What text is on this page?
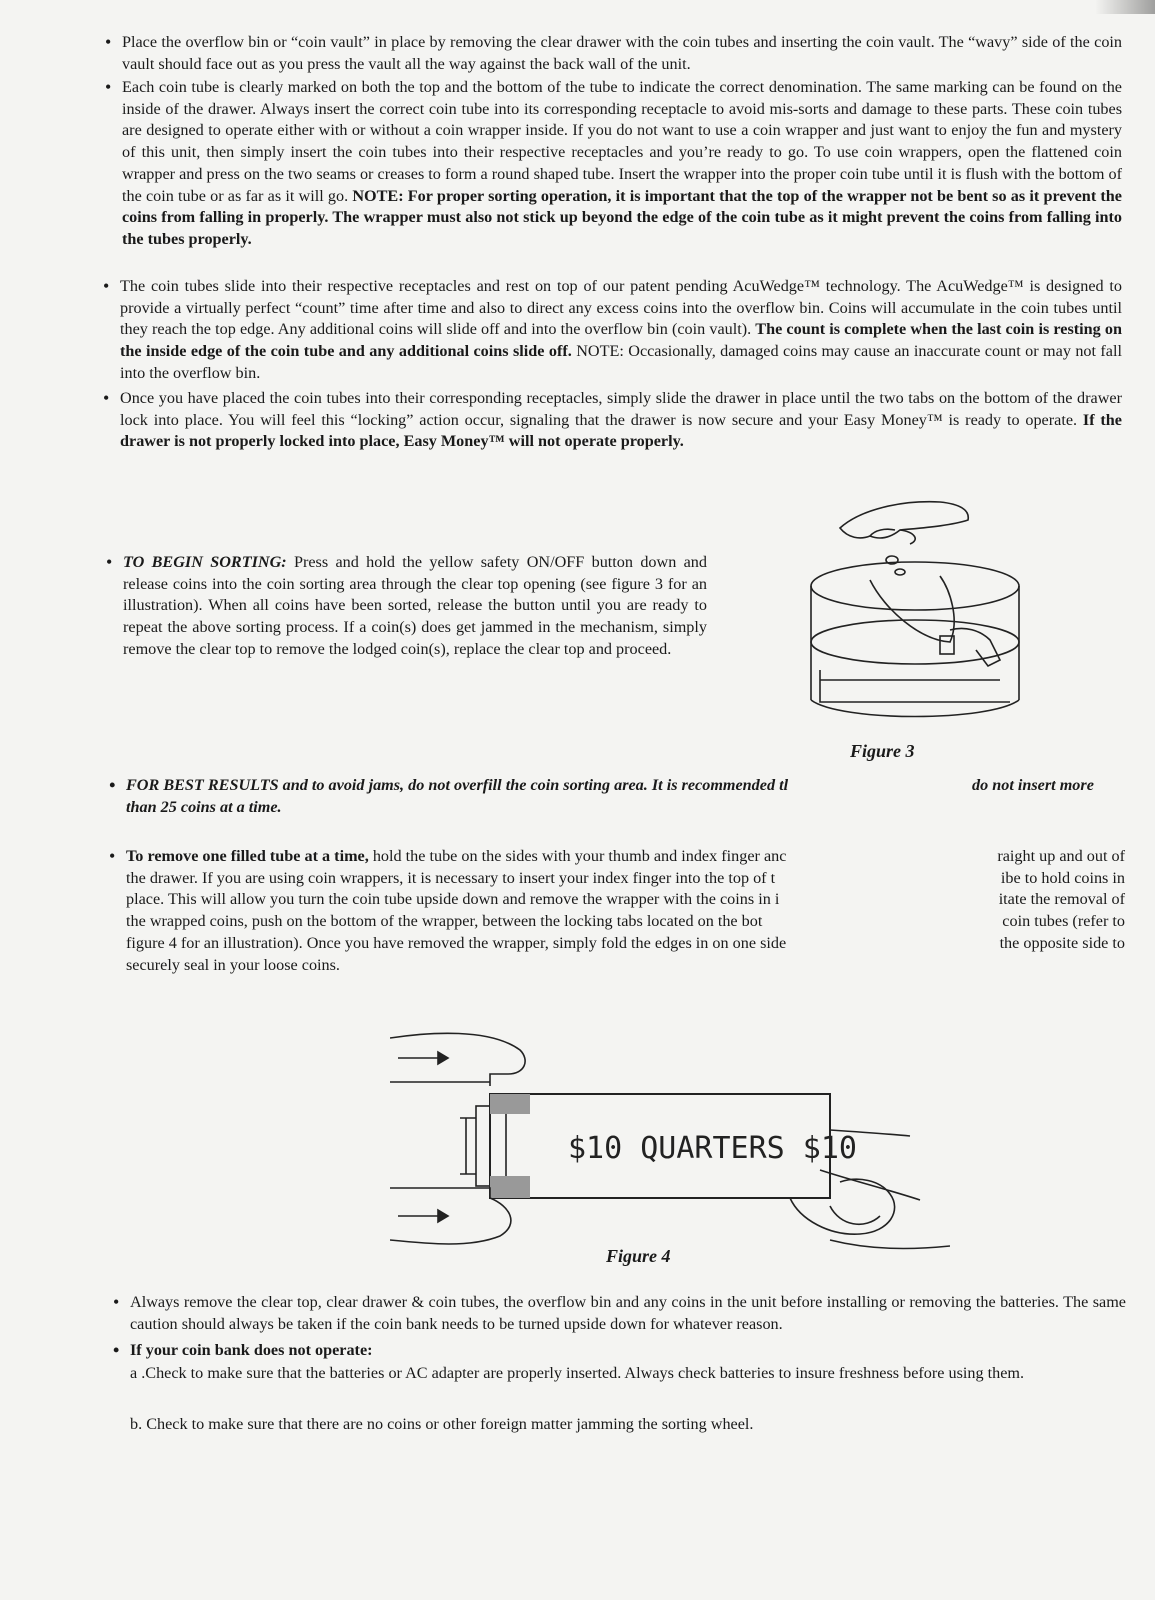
• Place the overflow bin or “coin vault” in place by removing the clear drawer with the coin tubes and inserting the coin vault. The “wavy” side of the coin vault should face out as you press the vault all the way against the back wall of the unit.
• Each coin tube is clearly marked on both the top and the bottom of the tube to indicate the correct denomination. The same marking can be found on the inside of the drawer. Always insert the correct coin tube into its corresponding receptacle to avoid mis-sorts and damage to these parts. These coin tubes are designed to operate either with or without a coin wrapper inside. If you do not want to use a coin wrapper and just want to enjoy the fun and mystery of this unit, then simply insert the coin tubes into their respective receptacles and you’re ready to go. To use coin wrappers, open the flattened coin wrapper and press on the two seams or creases to form a round shaped tube. Insert the wrapper into the proper coin tube until it is flush with the bottom of the coin tube or as far as it will go. NOTE: For proper sorting operation, it is important that the top of the wrapper not be bent so as it prevent the coins from falling in properly. The wrapper must also not stick up beyond the edge of the coin tube as it might prevent the coins from falling into the tubes properly.
• The coin tubes slide into their respective receptacles and rest on top of our patent pending AcuWedge™ technology. The AcuWedge™ is designed to provide a virtually perfect “count” time after time and also to direct any excess coins into the overflow bin. Coins will accumulate in the coin tubes until they reach the top edge. Any additional coins will slide off and into the overflow bin (coin vault). The count is complete when the last coin is resting on the inside edge of the coin tube and any additional coins slide off. NOTE: Occasionally, damaged coins may cause an inaccurate count or may not fall into the overflow bin.
• Once you have placed the coin tubes into their corresponding receptacles, simply slide the drawer in place until the two tabs on the bottom of the drawer lock into place. You will feel this “locking” action occur, signaling that the drawer is now secure and your Easy Money™ is ready to operate. If the drawer is not properly locked into place, Easy Money™ will not operate properly.
• TO BEGIN SORTING: Press and hold the yellow safety ON/OFF button down and release coins into the coin sorting area through the clear top opening (see figure 3 for an illustration). When all coins have been sorted, release the button until you are ready to repeat the above sorting process. If a coin(s) does get jammed in the mechanism, simply remove the clear top to remove the lodged coin(s), replace the clear top and proceed.
Figure 3
• FOR BEST RESULTS and to avoid jams, do not overfill the coin sorting area. It is recommended tl	do not insert more
than 25 coins at a time.
• To remove one filled tube at a time, hold the tube on the sides with your thumb and index finger anc
the drawer. If you are using coin wrappers, it is necessary to insert your index finger into the top of t
place. This will allow you turn the coin tube upside down and remove the wrapper with the coins in i
the wrapped coins, push on the bottom of the wrapper, between the locking tabs located on the bot
figure 4 for an illustration). Once you have removed the wrapper, simply fold the edges in on one side
securely seal in your loose coins.
raight up and out of
ibe to hold coins in
itate the removal of
coin tubes (refer to
the opposite side to
$10 QUARTERS $10
Figure 4
• Always remove the clear top, clear drawer & coin tubes, the overflow bin and any coins in the unit before installing or removing the batteries. The same caution should always be taken if the coin bank needs to be turned upside down for whatever reason.
• If your coin bank does not operate:
a .Check to make sure that the batteries or AC adapter are properly inserted. Always check batteries to insure freshness before using them.
b. Check to make sure that there are no coins or other foreign matter jamming the sorting wheel.
